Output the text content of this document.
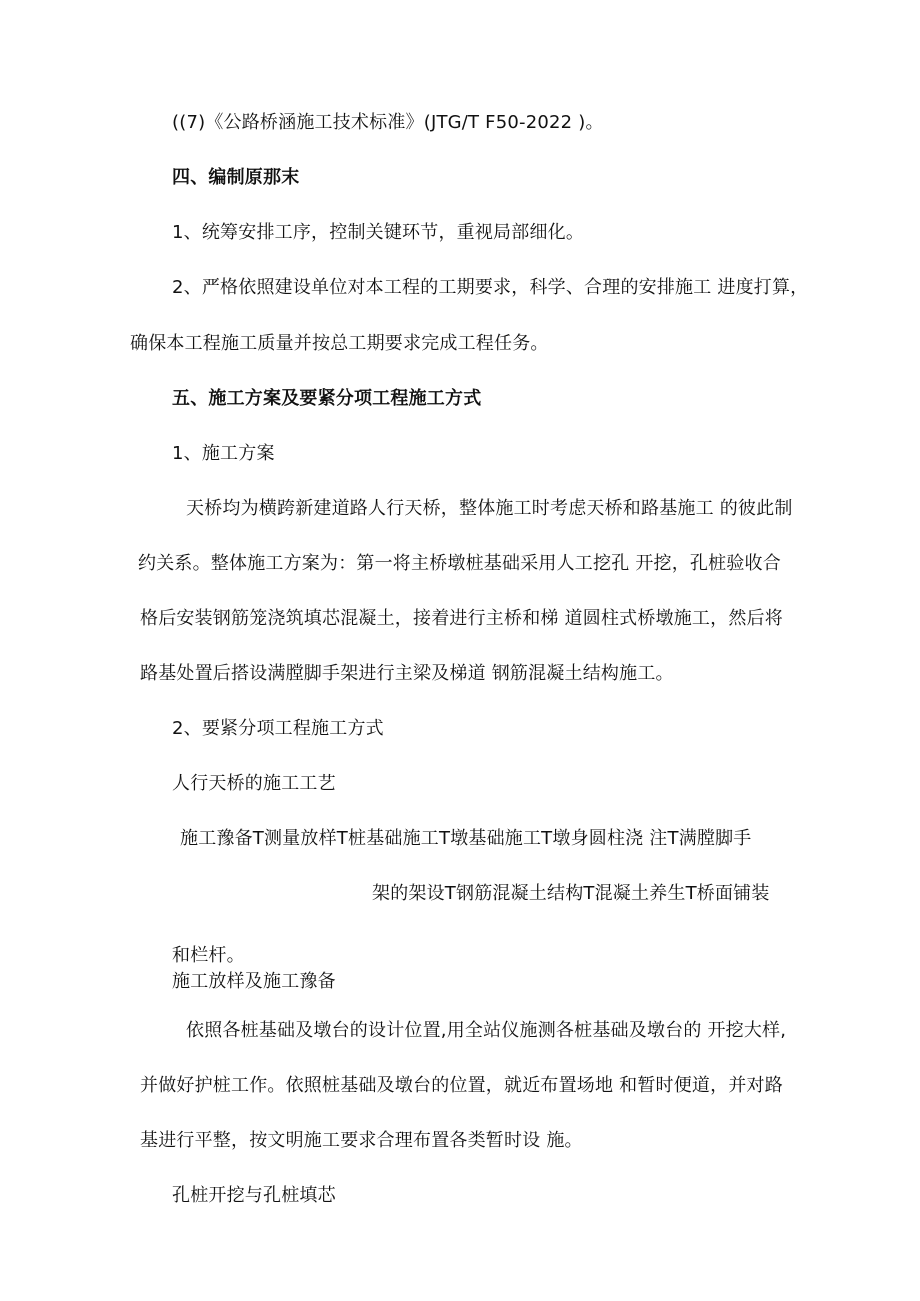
((7)《公路桥涵施工技术标准》(JTG/T F50-2022 )。
四、编制原那末
1、统筹安排工序，控制关键环节，重视局部细化。
2、严格依照建设单位对本工程的工期要求，科学、合理的安排施工 进度打算，
确保本工程施工质量并按总工期要求完成工程任务。
五、施工方案及要紧分项工程施工方式
1、施工方案
天桥均为横跨新建道路人行天桥，整体施工时考虑天桥和路基施工 的彼此制
约关系。整体施工方案为：第一将主桥墩桩基础采用人工挖孔 开挖，孔桩验收合
格后安装钢筋笼浇筑填芯混凝土，接着进行主桥和梯 道圆柱式桥墩施工，然后将
路基处置后搭设满膛脚手架进行主梁及梯道 钢筋混凝土结构施工。
2、要紧分项工程施工方式
人行天桥的施工工艺
施工豫备T测量放样T桩基础施工T墩基础施工T墩身圆柱浇 注T满膛脚手
架的架设T钢筋混凝土结构T混凝土养生T桥面铺装
和栏杆。
施工放样及施工豫备
依照各桩基础及墩台的设计位置,用全站仪施测各桩基础及墩台的 开挖大样,
并做好护桩工作。依照桩基础及墩台的位置，就近布置场地 和暂时便道，并对路
基进行平整，按文明施工要求合理布置各类暂时设 施。
孔桩开挖与孔桩填芯
